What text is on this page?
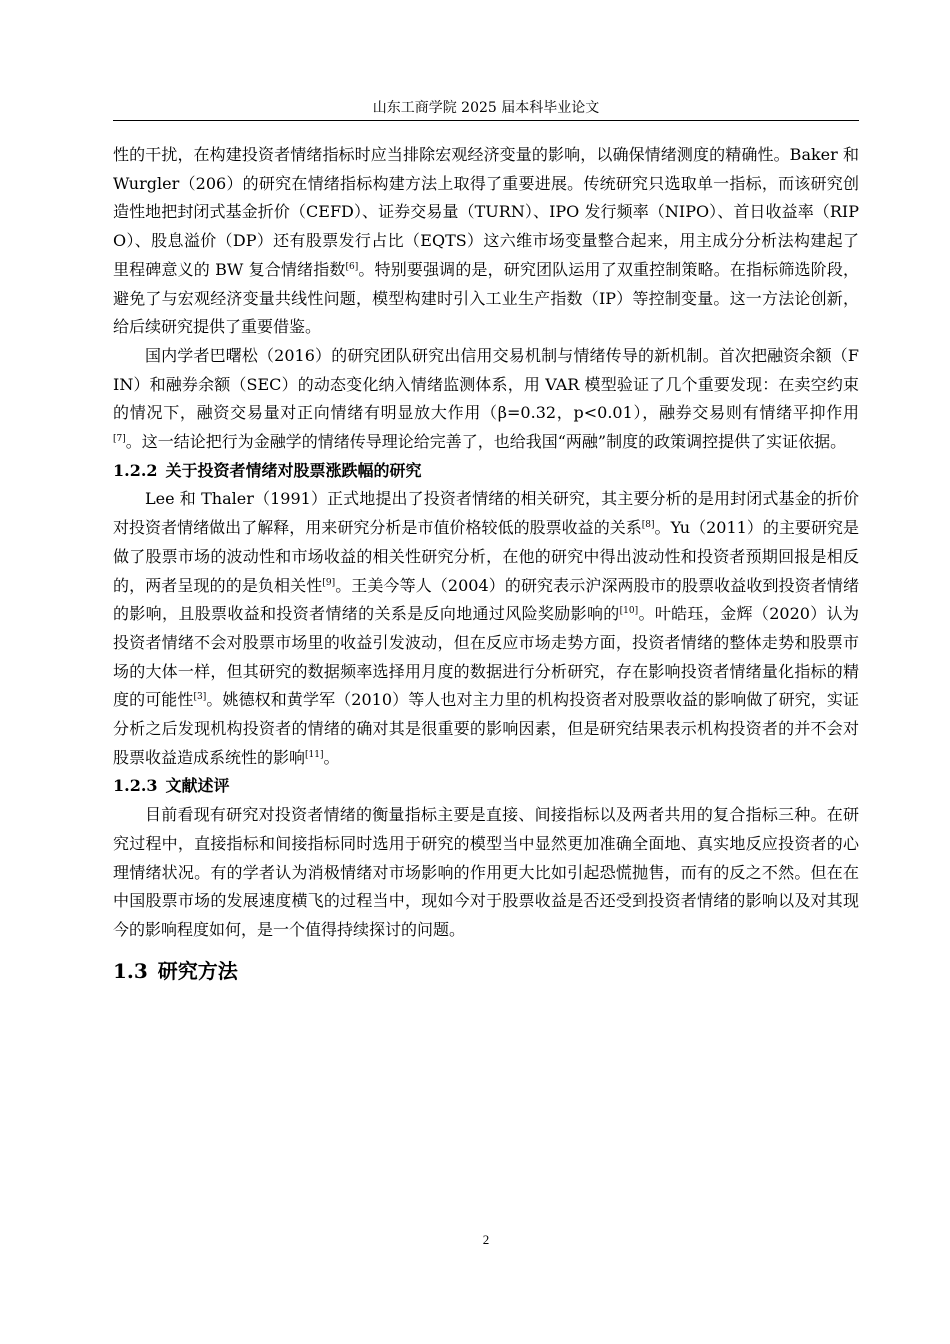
山东工商学院 2025 届本科毕业论文

性的干扰，在构建投资者情绪指标时应当排除宏观经济变量的影响，以确保情绪测度的精确性。Baker 和 Wurgler（206）的研究在情绪指标构建方法上取得了重要进展。传统研究只选取单一指标，而该研究创造性地把封闭式基金折价（CEFD）、证券交易量（TURN）、IPO 发行频率（NIPO）、首日收益率（RIPO）、股息溢价（DP）还有股票发行占比（EQTS）这六维市场变量整合起来，用主成分分析法构建起了里程碑意义的 BW 复合情绪指数[6]。特别要强调的是，研究团队运用了双重控制策略。在指标筛选阶段，避免了与宏观经济变量共线性问题，模型构建时引入工业生产指数（IP）等控制变量。这一方法论创新，给后续研究提供了重要借鉴。

国内学者巴曙松（2016）的研究团队研究出信用交易机制与情绪传导的新机制。首次把融资余额（FIN）和融券余额（SEC）的动态变化纳入情绪监测体系，用 VAR 模型验证了几个重要发现：在卖空约束的情况下，融资交易量对正向情绪有明显放大作用（β=0.32，p<0.01），融券交易则有情绪平抑作用[7]。这一结论把行为金融学的情绪传导理论给完善了，也给我国“两融”制度的政策调控提供了实证依据。

1.2.2 关于投资者情绪对股票涨跌幅的研究

Lee 和 Thaler（1991）正式地提出了投资者情绪的相关研究，其主要分析的是用封闭式基金的折价对投资者情绪做出了解释，用来研究分析是市值价格较低的股票收益的关系[8]。Yu（2011）的主要研究是做了股票市场的波动性和市场收益的相关性研究分析，在他的研究中得出波动性和投资者预期回报是相反的，两者呈现的的是负相关性[9]。王美今等人（2004）的研究表示沪深两股市的股票收益收到投资者情绪的影响，且股票收益和投资者情绪的关系是反向地通过风险奖励影响的[10]。叶皓珏，金辉（2020）认为投资者情绪不会对股票市场里的收益引发波动，但在反应市场走势方面，投资者情绪的整体走势和股票市场的大体一样，但其研究的数据频率选择用月度的数据进行分析研究，存在影响投资者情绪量化指标的精度的可能性[3]。姚德权和黄学军（2010）等人也对主力里的机构投资者对股票收益的影响做了研究，实证分析之后发现机构投资者的情绪的确对其是很重要的影响因素，但是研究结果表示机构投资者的并不会对股票收益造成系统性的影响[11]。

1.2.3 文献述评

目前看现有研究对投资者情绪的衡量指标主要是直接、间接指标以及两者共用的复合指标三种。在研究过程中，直接指标和间接指标同时选用于研究的模型当中显然更加准确全面地、真实地反应投资者的心理情绪状况。有的学者认为消极情绪对市场影响的作用更大比如引起恐慌抛售，而有的反之不然。但在在中国股票市场的发展速度横飞的过程当中，现如今对于股票收益是否还受到投资者情绪的影响以及对其现今的影响程度如何，是一个值得持续探讨的问题。

1.3 研究方法
2
